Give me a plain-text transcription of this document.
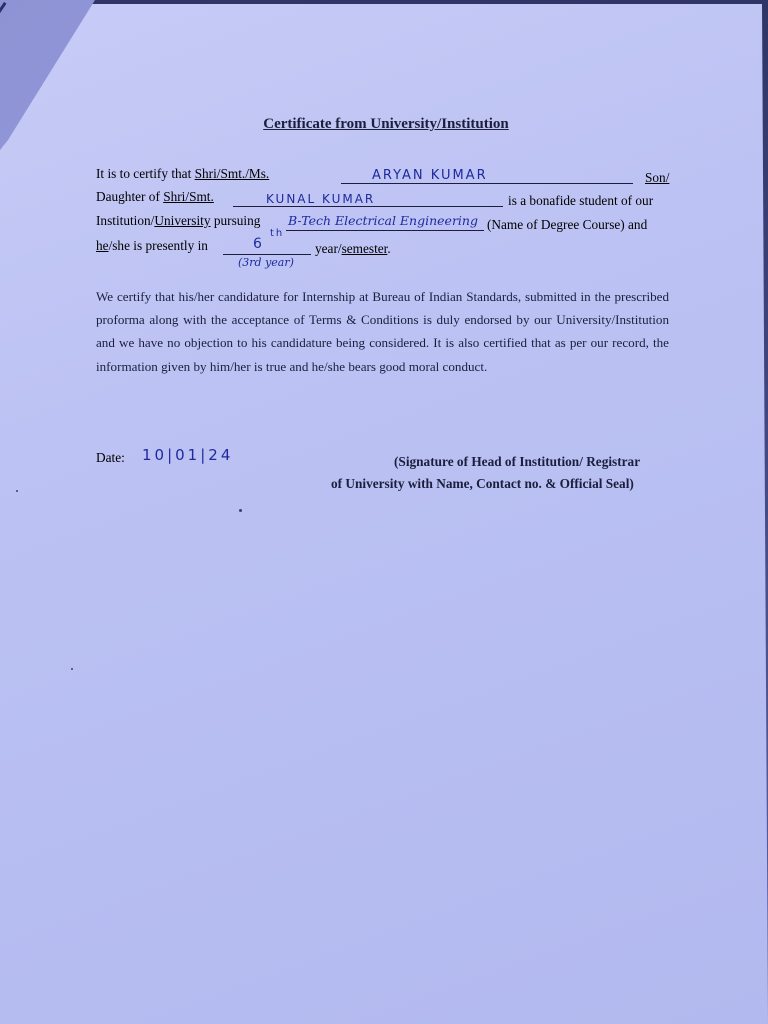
Certificate from University/Institution
It is to certify that Shri/Smt./Ms.	ARYAN KUMAR	Son/
Daughter of Shri/Smt.	KUNAL KUMAR	is a bonafide student of our
Institution/University pursuing B-Tech Electrical Engineering (Name of Degree Course) and
he/she is presently in	6
th
(3rd year)
year/semester.
We certify that his/her candidature for Internship at Bureau of Indian Standards, submitted in the prescribed proforma along with the acceptance of Terms & Conditions is duly endorsed by our University/Institution and we have no objection to his candidature being considered. It is also certified that as per our record, the information given by him/her is true and he/she bears good moral conduct.
Date: 10|01|24	(Signature of Head of Institution/ Registrar
of University with Name, Contact no. & Official Seal)
